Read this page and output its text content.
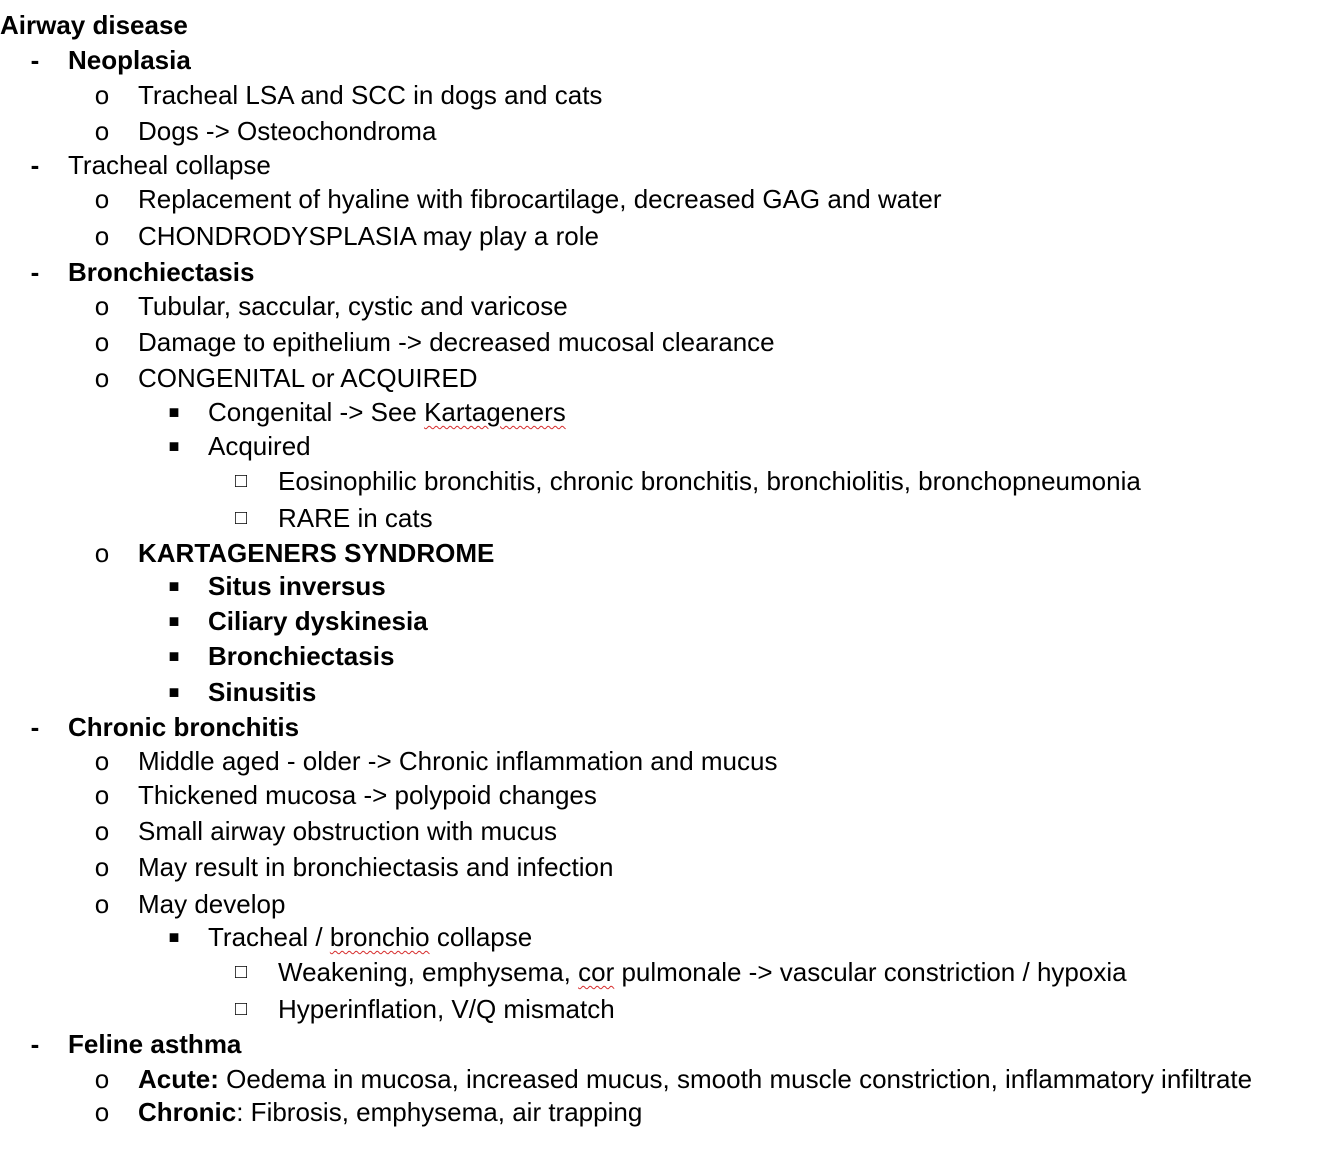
Airway disease
- Neoplasia
o Tracheal LSA and SCC in dogs and cats
o Dogs -> Osteochondroma
- Tracheal collapse
o Replacement of hyaline with fibrocartilage, decreased GAG and water
o CHONDRODYSPLASIA may play a role
- Bronchiectasis
o Tubular, saccular, cystic and varicose
o Damage to epithelium -> decreased mucosal clearance
o CONGENITAL or ACQUIRED
■ Congenital -> See Kartageners
■ Acquired
□ Eosinophilic bronchitis, chronic bronchitis, bronchiolitis, bronchopneumonia
□ RARE in cats
o KARTAGENERS SYNDROME
■ Situs inversus
■ Ciliary dyskinesia
■ Bronchiectasis
■ Sinusitis
- Chronic bronchitis
o Middle aged - older -> Chronic inflammation and mucus
o Thickened mucosa -> polypoid changes
o Small airway obstruction with mucus
o May result in bronchiectasis and infection
o May develop
■ Tracheal / bronchio collapse
□ Weakening, emphysema, cor pulmonale -> vascular constriction / hypoxia
□ Hyperinflation, V/Q mismatch
- Feline asthma
o Acute: Oedema in mucosa, increased mucus, smooth muscle constriction, inflammatory infiltrate
o Chronic: Fibrosis, emphysema, air trapping
